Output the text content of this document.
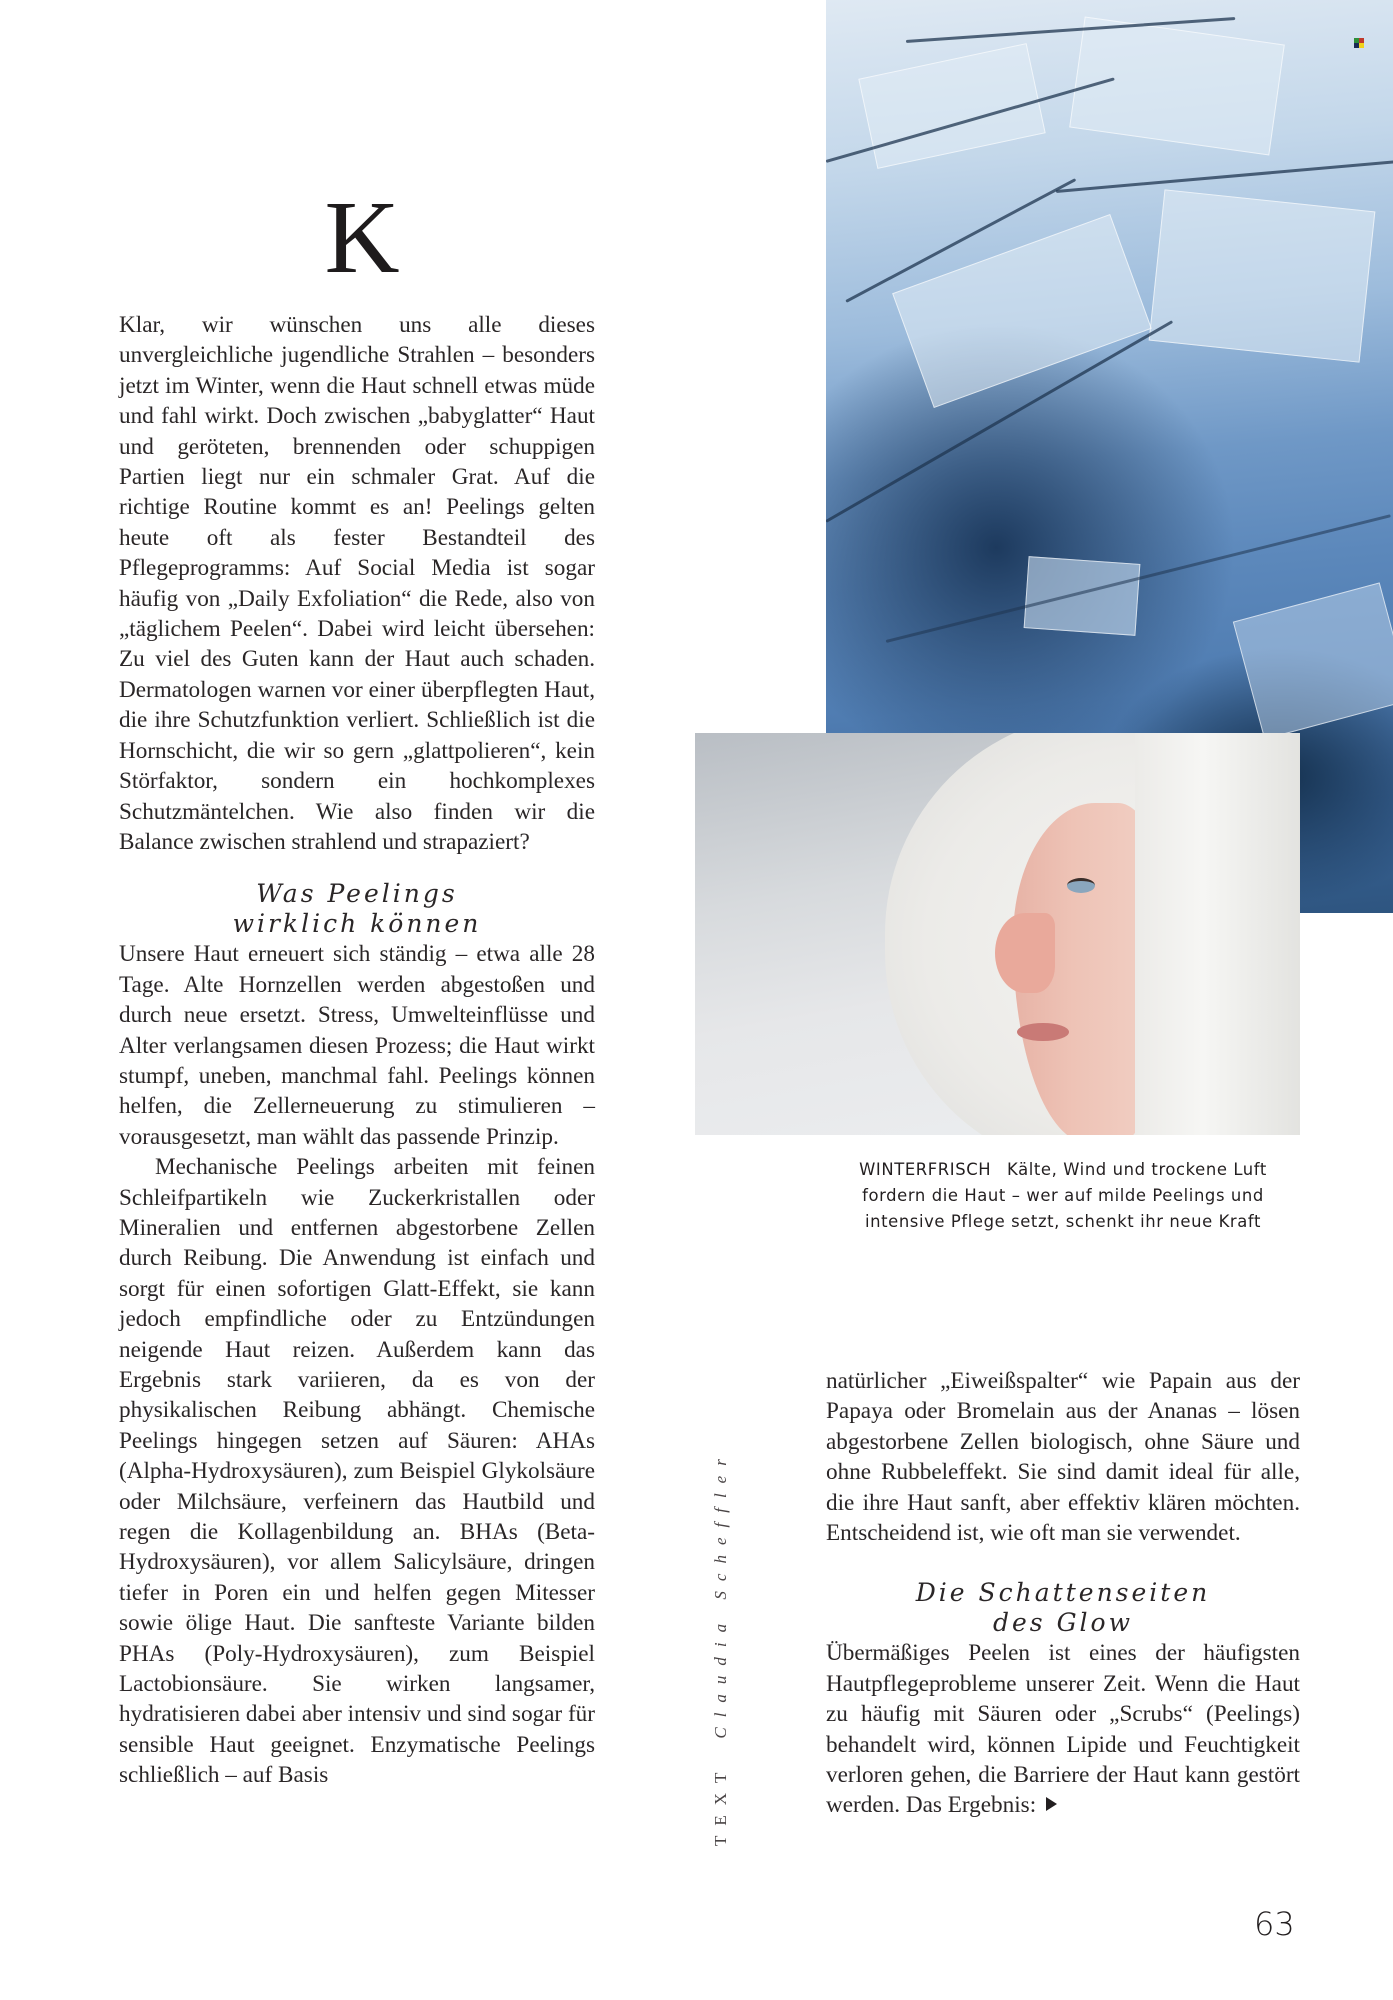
WINTERFRISCH Kälte, Wind und trockene Luft fordern die Haut – wer auf milde Peelings und intensive Pflege setzt, schenkt ihr neue Kraft
K

Klar, wir wünschen uns alle dieses unvergleichliche jugendliche Strahlen – besonders jetzt im Winter, wenn die Haut schnell etwas müde und fahl wirkt. Doch zwischen „babyglatter“ Haut und geröteten, brennenden oder schuppigen Partien liegt nur ein schmaler Grat. Auf die richtige Routine kommt es an! Peelings gelten heute oft als fester Bestandteil des Pflegeprogramms: Auf Social Media ist sogar häufig von „Daily Exfoliation“ die Rede, also von „täglichem Peelen“. Dabei wird leicht übersehen: Zu viel des Guten kann der Haut auch schaden. Dermatologen warnen vor einer überpflegten Haut, die ihre Schutzfunktion verliert. Schließlich ist die Hornschicht, die wir so gern „glattpolieren“, kein Störfaktor, sondern ein hochkomplexes Schutzmäntelchen. Wie also finden wir die Balance zwischen strahlend und strapaziert?

Was Peelings
wirklich können

Unsere Haut erneuert sich ständig – etwa alle 28 Tage. Alte Hornzellen werden abgestoßen und durch neue ersetzt. Stress, Umwelteinflüsse und Alter verlangsamen diesen Prozess; die Haut wirkt stumpf, uneben, manchmal fahl. Peelings können helfen, die Zellerneuerung zu stimulieren – vorausgesetzt, man wählt das passende Prinzip.

Mechanische Peelings arbeiten mit feinen Schleifpartikeln wie Zuckerkristallen oder Mineralien und entfernen abgestorbene Zellen durch Reibung. Die Anwendung ist einfach und sorgt für einen sofortigen Glatt-Effekt, sie kann jedoch empfindliche oder zu Entzündungen neigende Haut reizen. Außerdem kann das Ergebnis stark variieren, da es von der physikalischen Reibung abhängt. Chemische Peelings hingegen setzen auf Säuren: AHAs (Alpha-Hydroxysäuren), zum Beispiel Glykolsäure oder Milchsäure, verfeinern das Hautbild und regen die Kollagenbildung an. BHAs (Beta-Hydroxysäuren), vor allem Salicylsäure, dringen tiefer in Poren ein und helfen gegen Mitesser sowie ölige Haut. Die sanfteste Variante bilden PHAs (Poly-Hydroxysäuren), zum Beispiel Lactobionsäure. Sie wirken langsamer, hydratisieren dabei aber intensiv und sind sogar für sensible Haut geeignet. Enzymatische Peelings schließlich – auf Basis	TEXT Claudia Scheffler

natürlicher „Eiweißspalter“ wie Papain aus der Papaya oder Bromelain aus der Ananas – lösen abgestorbene Zellen biologisch, ohne Säure und ohne Rubbeleffekt. Sie sind damit ideal für alle, die ihre Haut sanft, aber effektiv klären möchten. Entscheidend ist, wie oft man sie verwendet.

Die Schattenseiten
des Glow

Übermäßiges Peelen ist eines der häufigsten Hautpflegeprobleme unserer Zeit. Wenn die Haut zu häufig mit Säuren oder „Scrubs“ (Peelings) behandelt wird, können Lipide und Feuchtigkeit verloren gehen, die Barriere der Haut kann gestört werden. Das Ergebnis:

63
